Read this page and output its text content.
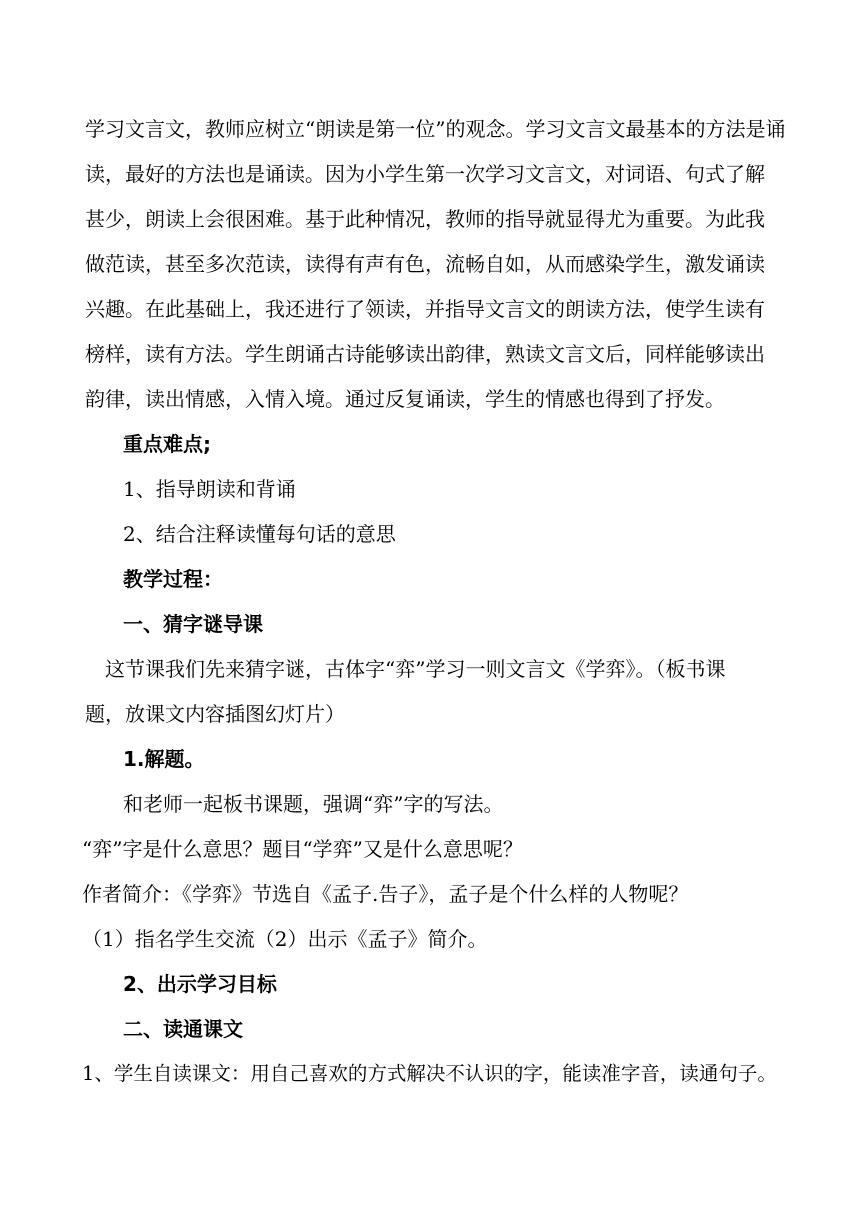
学习文言文，教师应树立“朗读是第一位”的观念。学习文言文最基本的方法是诵
读，最好的方法也是诵读。因为小学生第一次学习文言文，对词语、句式了解
甚少，朗读上会很困难。基于此种情况，教师的指导就显得尤为重要。为此我
做范读，甚至多次范读，读得有声有色，流畅自如，从而感染学生，激发诵读
兴趣。在此基础上，我还进行了领读，并指导文言文的朗读方法，使学生读有
榜样，读有方法。学生朗诵古诗能够读出韵律，熟读文言文后，同样能够读出
韵律，读出情感，入情入境。通过反复诵读，学生的情感也得到了抒发。
重点难点;
1、指导朗读和背诵
2、结合注释读懂每句话的意思
教学过程：
一、猜字谜导课
这节课我们先来猜字谜，古体字“弈”学习一则文言文《学弈》。（板书课
题，放课文内容插图幻灯片）
1.解题。
和老师一起板书课题，强调“弈”字的写法。
“弈”字是什么意思？题目“学弈”又是什么意思呢？
作者简介：《学弈》节选自《孟子.告子》，孟子是个什么样的人物呢？
（1）指名学生交流（2）出示《孟子》简介。
2、出示学习目标
二、读通课文
1、学生自读课文：用自己喜欢的方式解决不认识的字，能读准字音，读通句子。
